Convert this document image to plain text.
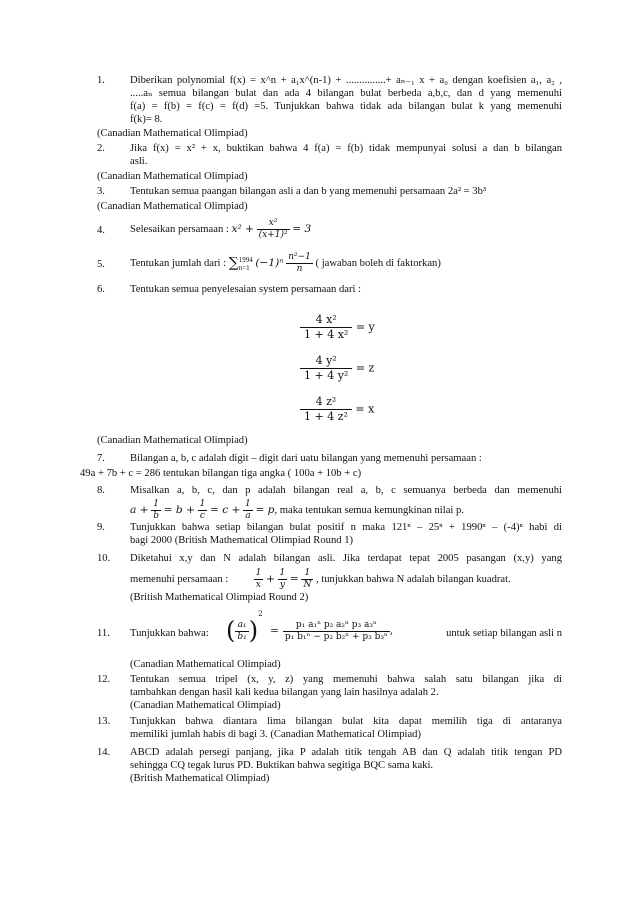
1. Diberikan polynomial f(x) = x^n + a₁x^(n-1) + ...............+ aₙ₋₁ x + a₀ dengan koefisien a₁, a₂ ,
.....aₙ semua bilangan bulat dan ada 4 bilangan bulat berbeda a,b,c, dan d yang memenuhi
f(a) = f(b) = f(c) = f(d) =5. Tunjukkan bahwa tidak ada bilangan bulat k yang memenuhi
f(k)= 8.
(Canadian Mathematical Olimpiad)
2. Jika f(x) = x² + x, buktikan bahwa 4 f(a) = f(b) tidak mempunyai solusi a dan b bilangan
asli.
(Canadian Mathematical Olimpiad)
3. Tentukan semua paangan bilangan asli a dan b yang memenuhi persamaan 2a² = 3b³
(Canadian Mathematical Olimpiad)
4. Selesaikan persamaan : $x^2 + \frac{\text{x²}}{\text{(x+1)²}} = 3$
5. Tentukan jumlah dari : ∑ 1994
n=1 $(-1)^n \frac{\text{n²−1}}{n}$ ( jawaban boleh di faktorkan)
6. Tentukan semua penyelesaian system persamaan dari :
$\frac{\text{4 x²}}{\text{1 + 4 x²}} = y$
$\frac{\text{4 y²}}{\text{1 + 4 y²}} = z$
$\frac{\text{4 z²}}{\text{1 + 4 z²}} = x$
(Canadian Mathematical Olimpiad)
7. Bilangan a, b, c adalah digit – digit dari uatu bilangan yang memenuhi persamaan :
49a + 7b + c = 286 tentukan bilangan tiga angka ( 100a + 10b + c)
8. Misalkan a, b, c, dan p adalah bilangan real a, b, c semuanya berbeda dan memenuhi
$a + \frac{1}{b} = b + \frac{1}{c} = c + \frac{1}{a} = p$, maka tentukan semua kemungkinan nilai p.
9. Tunjukkan bahwa setiap bilangan bulat positif n maka 121ⁿ – 25ⁿ + 1990ⁿ – (-4)ⁿ habi di
bagi 2000 (British Mathematical Olimpiad Round 1)
10. Diketahui x,y dan N adalah bilangan asli. Jika terdapat tepat 2005 pasangan (x,y) yang
memenuhi persamaan :	$\frac{1}{x} + \frac{1}{y} = \frac{1}{N}$ , tunjukkan bahwa N adalah bilangan kuadrat.
(British Mathematical Olimpiad Round 2)
11. Tunjukkan bahwa: ( $\frac{\text{a₁}}{\text{b₁}} )^2 = \frac{\text{p₁ a₁ⁿ p₂ a₂ⁿ p₃ a₃ⁿ}}{\text{p₁ b₁ⁿ − p₂ b₂ⁿ + p₃ b₃ⁿ}}$ ,	untuk setiap bilangan asli n
(Canadian Mathematical Olimpiad)
12. Tentukan semua tripel (x, y, z) yang memenuhi bahwa salah satu bilangan jika di
tambahkan dengan hasil kali kedua bilangan yang lain hasilnya adalah 2.
(Canadian Mathematical Olimpiad)
13. Tunjukkan bahwa diantara lima bilangan bulat kita dapat memilih tiga di antaranya
memiliki jumlah habis di bagi 3. (Canadian Mathematical Olimpiad)
14. ABCD adalah persegi panjang, jika P adalah titik tengah AB dan Q adalah titik tengan PD
sehingga CQ tegak lurus PD. Buktikan bahwa segitiga BQC sama kaki.
(British Mathematical Olimpiad)
